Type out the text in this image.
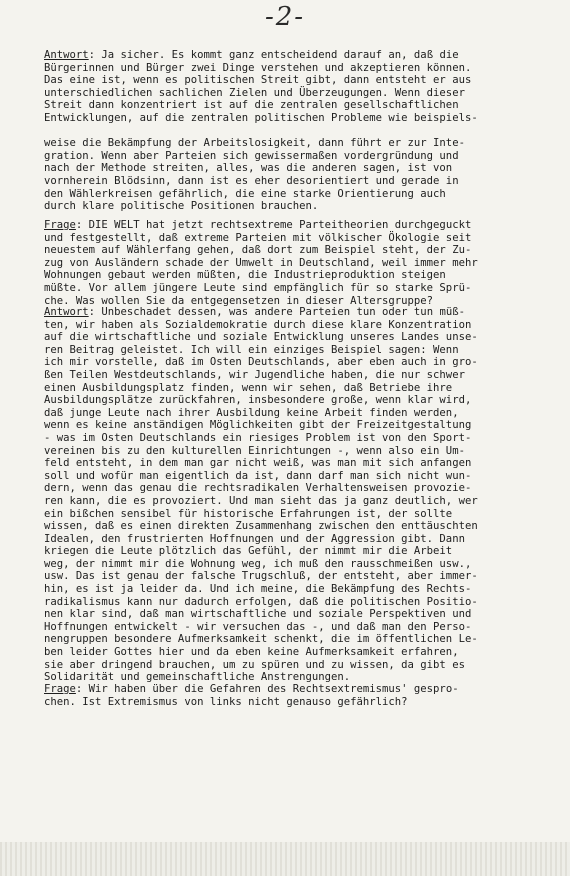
-2-
Antwort: Ja sicher. Es kommt ganz entscheidend darauf an, daß die
Bürgerinnen und Bürger zwei Dinge verstehen und akzeptieren können.
Das eine ist, wenn es politischen Streit gibt, dann entsteht er aus
unterschiedlichen sachlichen Zielen und Überzeugungen. Wenn dieser
Streit dann konzentriert ist auf die zentralen gesellschaftlichen
Entwicklungen, auf die zentralen politischen Probleme wie beispiels-

weise die Bekämpfung der Arbeitslosigkeit, dann führt er zur Inte-
gration. Wenn aber Parteien sich gewissermaßen vordergründung und
nach der Methode streiten, alles, was die anderen sagen, ist von
vornherein Blödsinn, dann ist es eher desorientiert und gerade in
den Wählerkreisen gefährlich, die eine starke Orientierung auch
durch klare politische Positionen brauchen.
Frage: DIE WELT hat jetzt rechtsextreme Parteitheorien durchgeguckt
und festgestellt, daß extreme Parteien mit völkischer Ökologie seit
neuestem auf Wählerfang gehen, daß dort zum Beispiel steht, der Zu-
zug von Ausländern schade der Umwelt in Deutschland, weil immer mehr
Wohnungen gebaut werden müßten, die Industrieproduktion steigen
müßte. Vor allem jüngere Leute sind empfänglich für so starke Sprü-
che. Was wollen Sie da entgegensetzen in dieser Altersgruppe?
Antwort: Unbeschadet dessen, was andere Parteien tun oder tun müß-
ten, wir haben als Sozialdemokratie durch diese klare Konzentration
auf die wirtschaftliche und soziale Entwicklung unseres Landes unse-
ren Beitrag geleistet. Ich will ein einziges Beispiel sagen: Wenn
ich mir vorstelle, daß im Osten Deutschlands, aber eben auch in gro-
ßen Teilen Westdeutschlands, wir Jugendliche haben, die nur schwer
einen Ausbildungsplatz finden, wenn wir sehen, daß Betriebe ihre
Ausbildungsplätze zurückfahren, insbesondere große, wenn klar wird,
daß junge Leute nach ihrer Ausbildung keine Arbeit finden werden,
wenn es keine anständigen Möglichkeiten gibt der Freizeitgestaltung
- was im Osten Deutschlands ein riesiges Problem ist von den Sport-
vereinen bis zu den kulturellen Einrichtungen -, wenn also ein Um-
feld entsteht, in dem man gar nicht weiß, was man mit sich anfangen
soll und wofür man eigentlich da ist, dann darf man sich nicht wun-
dern, wenn das genau die rechtsradikalen Verhaltensweisen provozie-
ren kann, die es provoziert. Und man sieht das ja ganz deutlich, wer
ein bißchen sensibel für historische Erfahrungen ist, der sollte
wissen, daß es einen direkten Zusammenhang zwischen den enttäuschten
Idealen, den frustrierten Hoffnungen und der Aggression gibt. Dann
kriegen die Leute plötzlich das Gefühl, der nimmt mir die Arbeit
weg, der nimmt mir die Wohnung weg, ich muß den rausschmeißen usw.,
usw. Das ist genau der falsche Trugschluß, der entsteht, aber immer-
hin, es ist ja leider da. Und ich meine, die Bekämpfung des Rechts-
radikalismus kann nur dadurch erfolgen, daß die politischen Positio-
nen klar sind, daß man wirtschaftliche und soziale Perspektiven und
Hoffnungen entwickelt - wir versuchen das -, und daß man den Perso-
nengruppen besondere Aufmerksamkeit schenkt, die im öffentlichen Le-
ben leider Gottes hier und da eben keine Aufmerksamkeit erfahren,
sie aber dringend brauchen, um zu spüren und zu wissen, da gibt es
Solidarität und gemeinschaftliche Anstrengungen.
Frage: Wir haben über die Gefahren des Rechtsextremismus' gespro-
chen. Ist Extremismus von links nicht genauso gefährlich?
